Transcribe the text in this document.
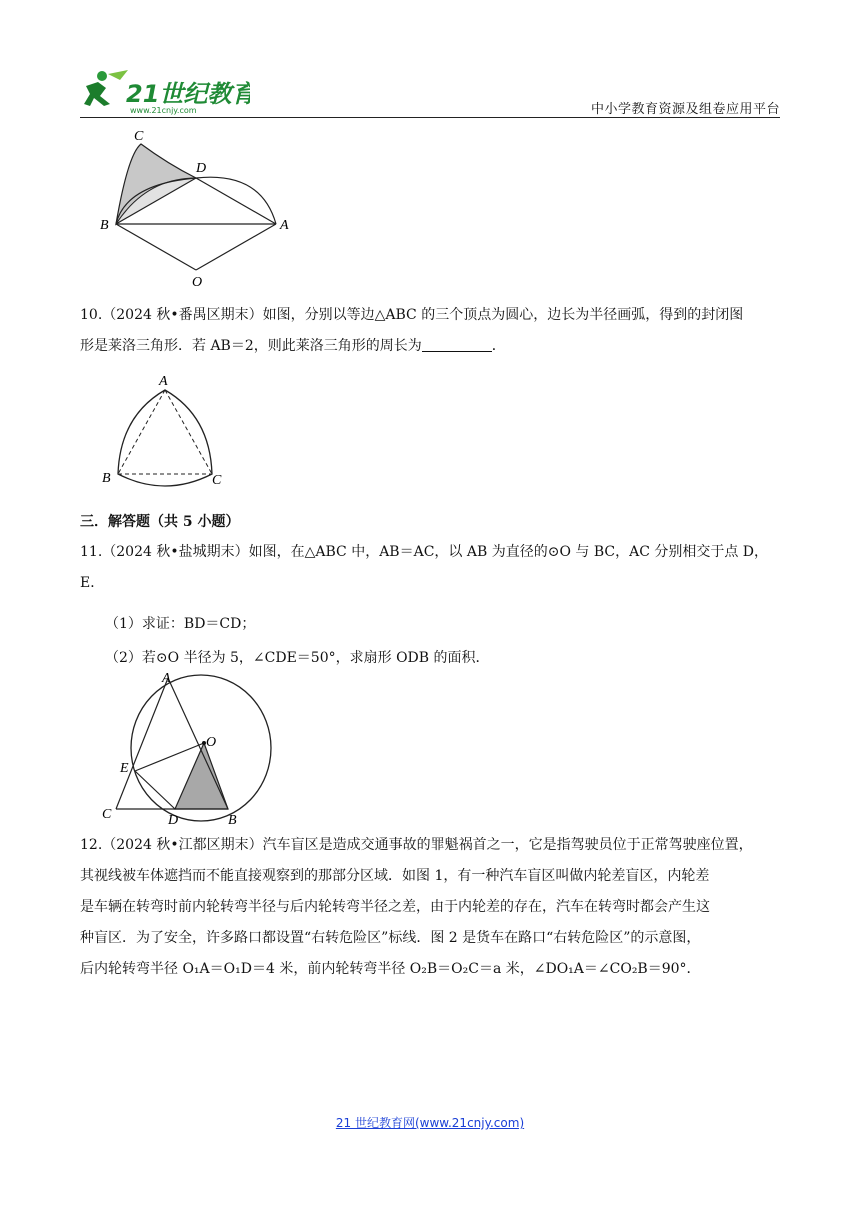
21世纪教育
www.21cnjy.com	中小学教育资源及组卷应用平台
C
D
B	A
O
10.（2024 秋•番禺区期末）如图，分别以等边△ABC 的三个顶点为圆心，边长为半径画弧，得到的封闭图
形是莱洛三角形．若 AB＝2，则此莱洛三角形的周长为	．
A
B	C
三．解答题（共 5 小题）
11.（2024 秋•盐城期末）如图，在△ABC 中，AB＝AC，以 AB 为直径的⊙O 与 BC，AC 分别相交于点 D，
E．
（1）求证：BD＝CD；
（2）若⊙O 半径为 5，∠CDE＝50°，求扇形 ODB 的面积．
A
O
E
C	D	B
12.（2024 秋•江都区期末）汽车盲区是造成交通事故的罪魁祸首之一，它是指驾驶员位于正常驾驶座位置，
其视线被车体遮挡而不能直接观察到的那部分区域．如图 1，有一种汽车盲区叫做内轮差盲区，内轮差
是车辆在转弯时前内轮转弯半径与后内轮转弯半径之差，由于内轮差的存在，汽车在转弯时都会产生这
种盲区．为了安全，许多路口都设置“右转危险区”标线．图 2 是货车在路口“右转危险区”的示意图，
后内轮转弯半径 O₁A＝O₁D＝4 米，前内轮转弯半径 O₂B＝O₂C＝a 米，∠DO₁A＝∠CO₂B＝90°．
21 世纪教育网(www.21cnjy.com)
